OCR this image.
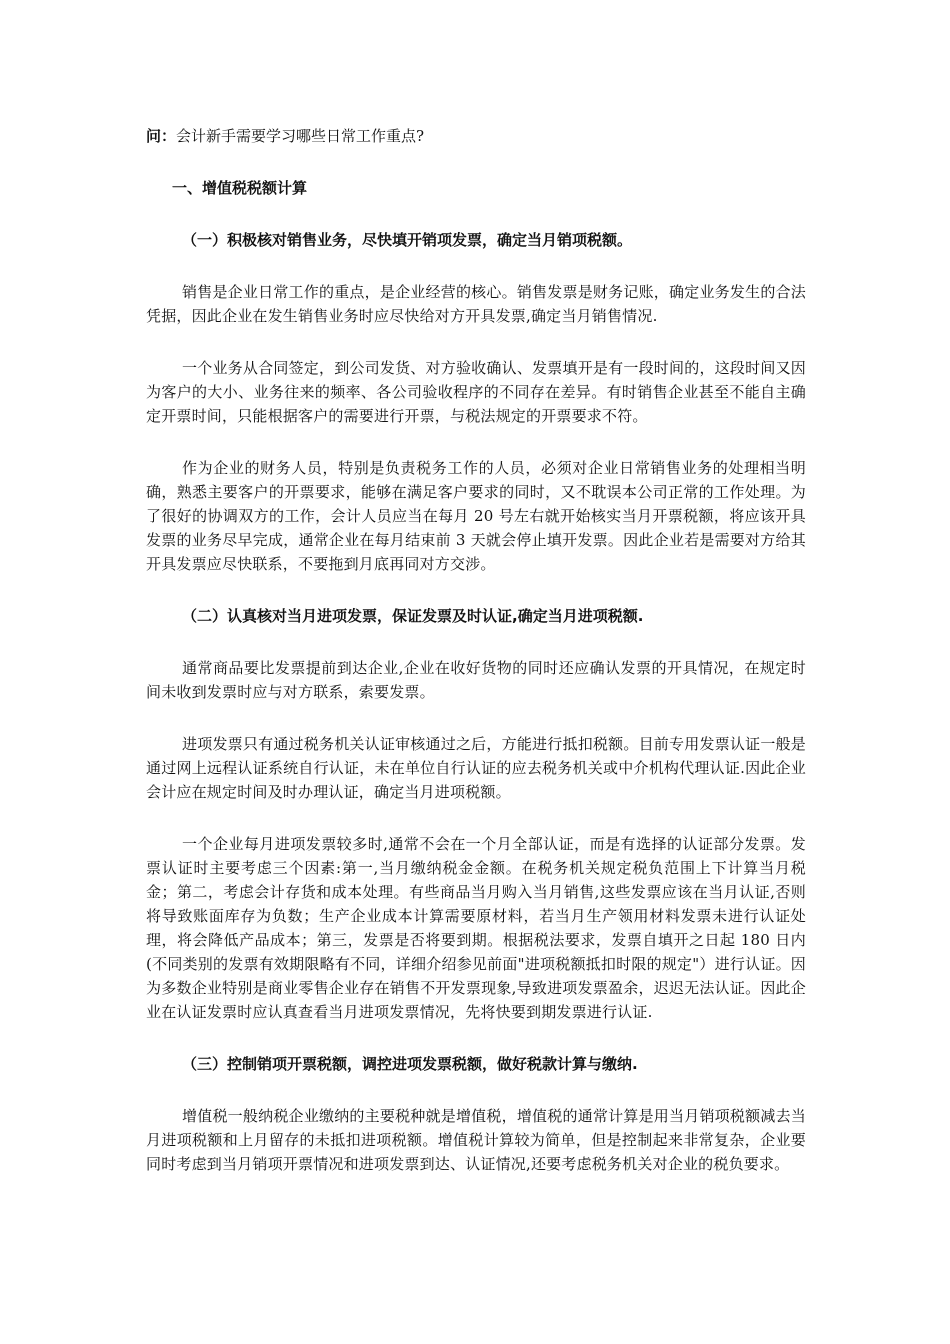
问：会计新手需要学习哪些日常工作重点?

一、增值税税额计算

（一）积极核对销售业务，尽快填开销项发票，确定当月销项税额。

销售是企业日常工作的重点，是企业经营的核心。销售发票是财务记账，确定业务发生的合法凭据，因此企业在发生销售业务时应尽快给对方开具发票,确定当月销售情况.

一个业务从合同签定，到公司发货、对方验收确认、发票填开是有一段时间的，这段时间又因为客户的大小、业务往来的频率、各公司验收程序的不同存在差异。有时销售企业甚至不能自主确定开票时间，只能根据客户的需要进行开票，与税法规定的开票要求不符。

作为企业的财务人员，特别是负责税务工作的人员，必须对企业日常销售业务的处理相当明确，熟悉主要客户的开票要求，能够在满足客户要求的同时，又不耽误本公司正常的工作处理。为了很好的协调双方的工作，会计人员应当在每月 20 号左右就开始核实当月开票税额，将应该开具发票的业务尽早完成，通常企业在每月结束前 3 天就会停止填开发票。因此企业若是需要对方给其开具发票应尽快联系，不要拖到月底再同对方交涉。

（二）认真核对当月进项发票，保证发票及时认证,确定当月进项税额.

通常商品要比发票提前到达企业,企业在收好货物的同时还应确认发票的开具情况，在规定时间未收到发票时应与对方联系，索要发票。

进项发票只有通过税务机关认证审核通过之后，方能进行抵扣税额。目前专用发票认证一般是通过网上远程认证系统自行认证，未在单位自行认证的应去税务机关或中介机构代理认证.因此企业会计应在规定时间及时办理认证，确定当月进项税额。

一个企业每月进项发票较多时,通常不会在一个月全部认证，而是有选择的认证部分发票。发票认证时主要考虑三个因素:第一,当月缴纳税金金额。在税务机关规定税负范围上下计算当月税金；第二，考虑会计存货和成本处理。有些商品当月购入当月销售,这些发票应该在当月认证,否则将导致账面库存为负数；生产企业成本计算需要原材料，若当月生产领用材料发票未进行认证处理，将会降低产品成本；第三，发票是否将要到期。根据税法要求，发票自填开之日起 180 日内(不同类别的发票有效期限略有不同，详细介绍参见前面"进项税额抵扣时限的规定"）进行认证。因为多数企业特别是商业零售企业存在销售不开发票现象,导致进项发票盈余，迟迟无法认证。因此企业在认证发票时应认真查看当月进项发票情况，先将快要到期发票进行认证.

（三）控制销项开票税额，调控进项发票税额，做好税款计算与缴纳.

增值税一般纳税企业缴纳的主要税种就是增值税，增值税的通常计算是用当月销项税额减去当月进项税额和上月留存的未抵扣进项税额。增值税计算较为简单，但是控制起来非常复杂，企业要同时考虑到当月销项开票情况和进项发票到达、认证情况,还要考虑税务机关对企业的税负要求。
